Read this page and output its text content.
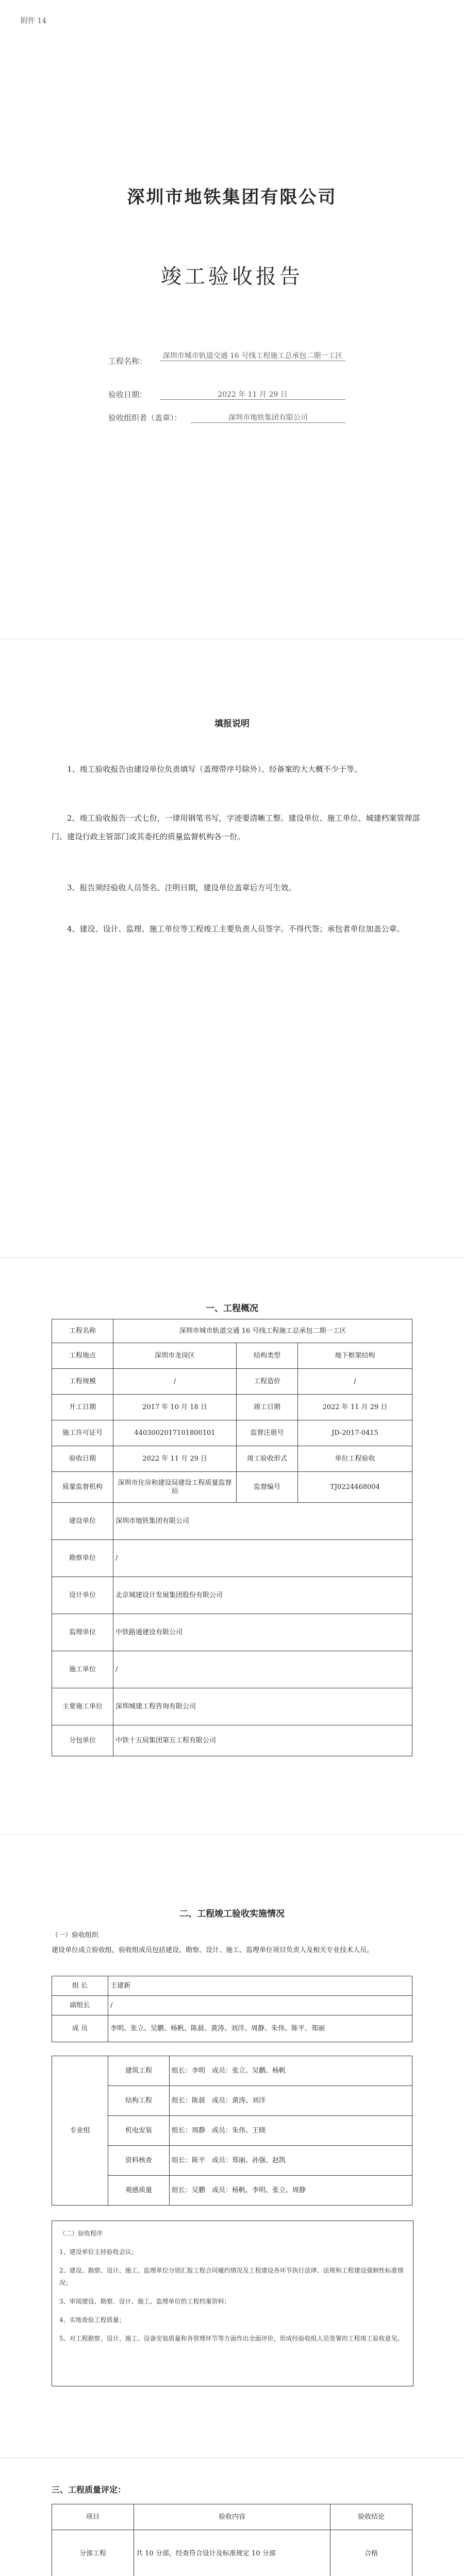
附件 14
深圳市地铁集团有限公司
竣工验收报告
工程名称：
深圳市城市轨道交通 16 号线工程施工总承包二期一工区
验收日期：	2022 年 11 月 29 日
验收组织者（盖章）：	深圳市地铁集团有限公司
填报说明
1、竣工验收报告由建设单位负责填写（盖理带序号除外）。经备案的大大概不少于等。
2、竣工验收报告一式七份，一律用钢笔书写，字迹要清晰工整。建设单位、施工单位、城建档案管理部门、建设行政主管部门或其委托的质量监督机构各一份。
3、报告须经验收人员签名、注明日期，建设单位盖章后方可生效。
4、建设、设计、监理、施工单位等工程竣工主要负责人员签字。不得代签；承包者单位加盖公章。
一、工程概况
工程名称	深圳市城市轨道交通 16 号线工程施工总承包二期一工区		
工程地点	深圳市龙岗区	结构类型	地下框架结构
工程规模	/	工程造价	/
开工日期	2017 年 10 月 18 日	竣工日期	2022 年 11 月 29 日
施工许可证号	4403002017101800101	监督注册号	JD-2017-0415
验收日期	2022 年 11 月 29 日	竣工验收形式	单位工程验收
质量监督机构	深圳市住房和建设局建设工程质量监督站	监督编号	TJ0224468004
建设单位	深圳市地铁集团有限公司		
勘察单位	/		
设计单位	北京城建设计发展集团股份有限公司		
监理单位	中铁路通建设有限公司		
施工单位	/		
主要施工单位	深圳城建工程咨询有限公司		
分包单位	中铁十五局集团第五工程有限公司		
二、工程竣工验收实施情况
（一）验收组织
建设单位成立验收组，验收组成员包括建设、勘察、设计、施工、监理单位项目负责人及相关专业技术人员。
组 长	王建新
副组长	/
成 员	李明、张立、吴鹏、杨帆、陈晨、黄涛、刘洋、周静、朱伟、陈平、郑丽
专业组	建筑工程	组长：李明　成员：张立、吴鹏、杨帆
	结构工程	组长：陈晨　成员：黄涛、刘洋
	机电安装	组长：周静　成员：朱伟、王晓
	资料核查	组长：陈平　成员：郑丽、孙强、赵凯
	观感质量	组长：吴鹏　成员：杨帆、李明、张立、周静
（二）验收程序
1、建设单位主持验收会议；
2、建设、勘察、设计、施工、监理单位分别汇报工程合同履约情况及工程建设各环节执行法律、法规和工程建设强制性标准情况；
3、审阅建设、勘察、设计、施工、监理单位的工程档案资料；
4、实地查验工程质量；
5、对工程勘察、设计、施工、设备安装质量和各管理环节等方面作出全面评价，形成经验收组人员签署的工程竣工验收意见。
三、工程质量评定：
项目	验收内容	验收结论
分部工程	共 10 分部，经查符合设计及标准规定 10 分部	合格
